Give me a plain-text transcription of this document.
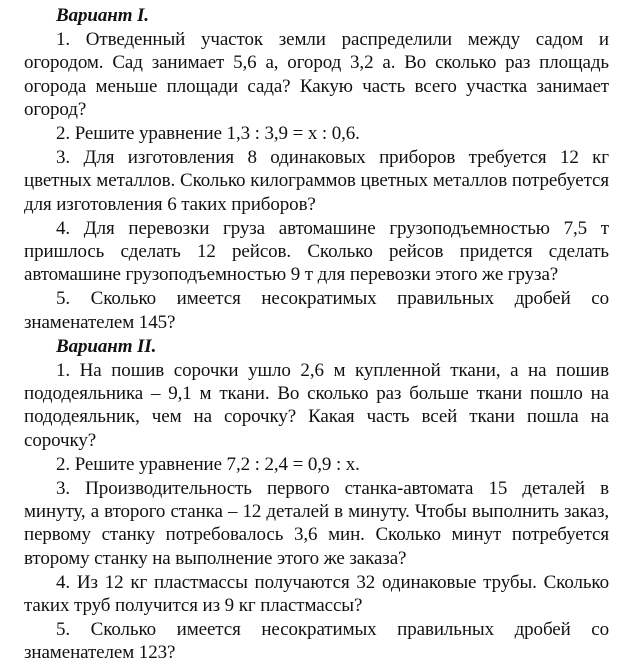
Вариант I.

1. Отведенный участок земли распределили между садом и огородом. Сад занимает 5,6 а, огород 3,2 а. Во сколько раз площадь огорода меньше площади сада? Какую часть всего участка занимает огород?

2. Решите уравнение 1,3 : 3,9 = x : 0,6.

3. Для изготовления 8 одинаковых приборов требуется 12 кг цветных металлов. Сколько килограммов цветных металлов потребуется для изготовления 6 таких приборов?

4. Для перевозки груза автомашине грузоподъемностью 7,5 т пришлось сделать 12 рейсов. Сколько рейсов придется сделать автомашине грузоподъемностью 9 т для перевозки этого же груза?

5. Сколько имеется несократимых правильных дробей со знаменателем 145?

Вариант II.

1. На пошив сорочки ушло 2,6 м купленной ткани, а на пошив пододеяльника – 9,1 м ткани. Во сколько раз больше ткани пошло на пододеяльник, чем на сорочку? Какая часть всей ткани пошла на сорочку?

2. Решите уравнение 7,2 : 2,4 = 0,9 : x.

3. Производительность первого станка-автомата 15 деталей в минуту, а второго станка – 12 деталей в минуту. Чтобы выполнить заказ, первому станку потребовалось 3,6 мин. Сколько минут потребуется второму станку на выполнение этого же заказа?

4. Из 12 кг пластмассы получаются 32 одинаковые трубы. Сколько таких труб получится из 9 кг пластмассы?

5. Сколько имеется несократимых правильных дробей со знаменателем 123?
